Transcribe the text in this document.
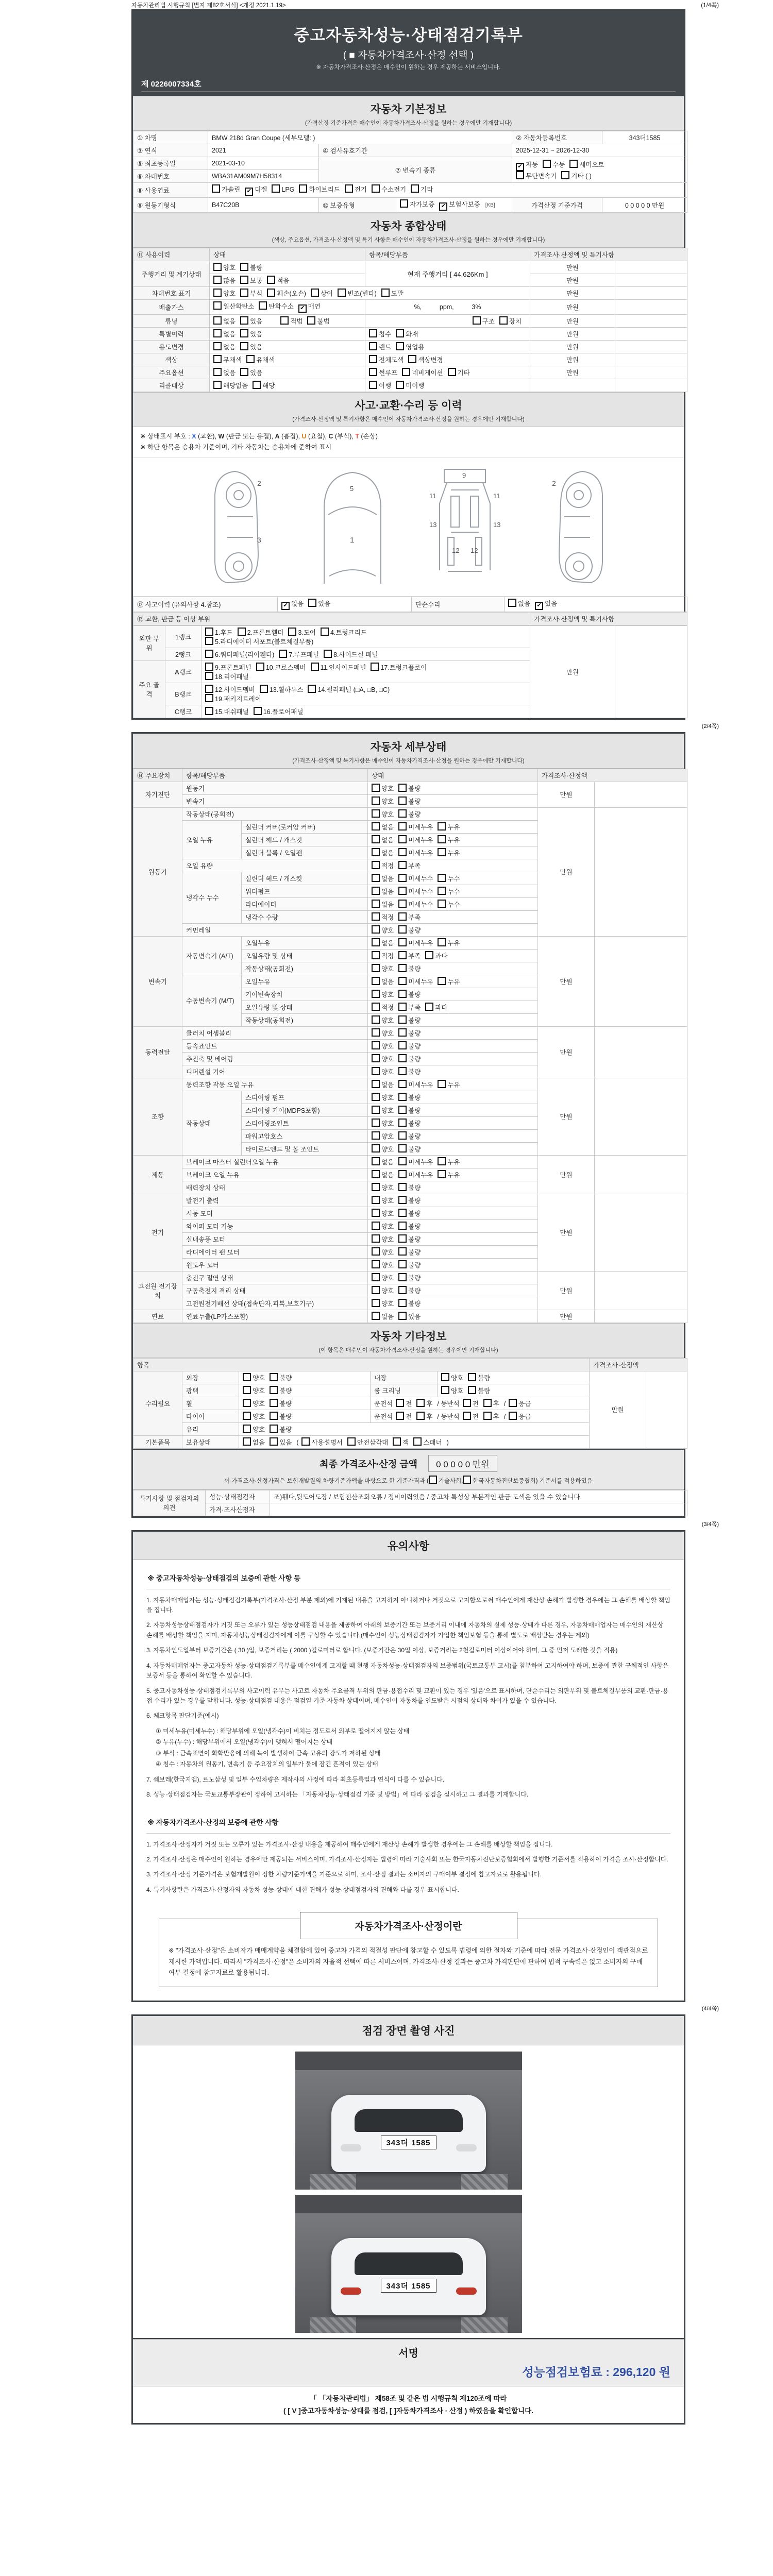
자동차관리법 시행규칙 [별지 제82호서식] <개정 2021.1.19>	(1/4쪽)
중고자동차성능·상태점검기록부
( ■ 자동차가격조사·산정 선택 )
※ 자동차가격조사·산정은 매수인이 원하는 경우 제공하는 서비스입니다.
제 0226007334호
자동차 기본정보
(가격산정 기준가격은 매수인이 자동차가격조사·산정을 원하는 경우에만 기재합니다)
① 차명	BMW 218d Gran Coupe (세부모델: )			② 자동차등록번호	343더1585
③ 연식	2021	④ 검사유효기간		2025-12-31 ~ 2026-12-30	
⑤ 최초등록일	2021-03-10	⑦ 변속기 종류	✔자동 수동 세미오토
무단변속기 기타 ( )
⑥ 차대번호	WBA31AM09M7H58314				
⑧ 사용연료	가솔린 ✔ 디젤 LPG 하이브리드 전기 수소전기 기타
⑨ 원동기형식	B47C20B	⑩ 보증유형	자가보증 ✔ 보험사보증 [KB]	가격산정 기준가격	0 0 0 0 0 만원
자동차 종합상태
(색상, 주요옵션, 가격조사·산정액 및 특기 사항은 매수인이 자동차가격조사·산정을 원하는 경우에만 기재합니다)
⑪ 사용이력	상태	항목/해당부품	가격조사·산정액 및 특기사항	
주행거리 및 계기상태	양호 불량	현재 주행거리 [ 44,626Km ]	만원	
	많음 보통 적음		만원	
차대번호 표기	양호 부식 훼손(오손) 상이 변조(변타) 도말		만원	
배출가스	일산화탄소 탄화수소 ✔ 매연	%,          ppm,          3%	만원	
튜닝	없음 있음 적법 불법	구조 장치	만원	
특별이력	없음 있음	침수 화재	만원	
용도변경	없음 있음	렌트 영업용	만원	
색상	무채색 유채색	전체도색 색상변경	만원	
주요옵션	없음 있음	썬루프 네비게이션 기타	만원	
리콜대상	해당없음 해당	이행 미이행		
사고·교환·수리 등 이력
(가격조사·산정액 및 특기사항은 매수인이 자동차가격조사·산정을 원하는 경우에만 기재합니다)
※ 상태표시 부호 : X (교환), W (판금 또는 용접), A (흠집), U (요철), C (부식), T (손상)
※ 하단 항목은 승용차 기준이며, 기타 자동차는 승용차에 준하여 표시
2
3	1
5
11	11
13	13
12 12
9
2
⑫ 사고이력 (유의사항 4.참조)	✔없음 있음	단순수리	없음 ✔ 있음
⑬ 교환, 판금 등 이상 부위	가격조사·산정액 및 특기사항
외판 부위	1랭크	1.후드 2.프론트휀더 3.도어 4.트렁크리드
5.라디에이터 서포트(볼트체결부품)	만원	
	2랭크	6.쿼터패널(리어휀다) 7.루프패널 8.사이드실 패널		
주요 골격	A랭크	9.프론트패널 10.크로스멤버 11.인사이드패널 17.트렁크플로어
18.리어패널		
	B랭크	12.사이드멤버 13.휠하우스 14.필러패널 (□A, □B, □C)
19.패키지트레이		
	C랭크	15.대쉬패널 16.플로어패널		
(2/4쪽)
자동차 세부상태
(가격조사·산정액 및 특기사항은 매수인이 자동차가격조사·산정을 원하는 경우에만 기재합니다)
⑭ 주요장치	항목/해당부품		상태	가격조사·산정액	
자기진단	원동기		양호 불량	만원	
	변속기		양호 불량		
원동기	작동상태(공회전)		양호 불량	만원	
	오일 누유	실린더 커버(로커암 커버)	없음 미세누유 누유		
		실린더 헤드 / 개스킷	없음 미세누유 누유		
		실린더 블록 / 오일팬	없음 미세누유 누유		
	오일 유량		적정 부족		
	냉각수 누수	실린더 헤드 / 개스킷	없음 미세누수 누수		
		워터펌프	없음 미세누수 누수		
		라디에이터	없음 미세누수 누수		
		냉각수 수량	적정 부족		
	커먼레일		양호 불량		
변속기	자동변속기 (A/T)	오일누유	없음 미세누유 누유	만원	
		오일유량 및 상태	적정 부족 과다		
		작동상태(공회전)	양호 불량		
	수동변속기 (M/T)	오일누유	없음 미세누유 누유		
		기어변속장치	양호 불량		
		오일유량 및 상태	적정 부족 과다		
		작동상태(공회전)	양호 불량		
동력전달	클러치 어셈블리		양호 불량	만원	
	등속죠인트		양호 불량		
	추진축 및 베어링		양호 불량		
	디퍼렌설 기어		양호 불량		
조향	동력조향 작동 오일 누유		없음 미세누유 누유	만원	
	작동상태	스티어링 펌프	양호 불량		
		스티어링 기어(MDPS포함)	양호 불량		
		스티어링조인트	양호 불량		
		파워고압호스	양호 불량		
		타이로드엔드 및 볼 조인트	양호 불량		
제동	브레이크 마스터 실린더오일 누유		없음 미세누유 누유	만원	
	브레이크 오일 누유		없음 미세누유 누유		
	배력장치 상태		양호 불량		
전기	발전기 출력		양호 불량	만원	
	시동 모터		양호 불량		
	와이퍼 모터 기능		양호 불량		
	실내송풍 모터		양호 불량		
	라디에이터 팬 모터		양호 불량		
	윈도우 모터		양호 불량		
고전원 전기장치	충전구 절연 상태		양호 불량	만원	
	구동축전지 격리 상태		양호 불량		
	고전원전기배선 상태(접속단자,피복,보호기구)		양호 불량		
연료	연료누출(LP가스포함)		없음 있음	만원	
자동차 기타정보
(이 항목은 매수인이 자동차가격조사·산정을 원하는 경우에만 기재합니다)
항목					가격조사·산정액	
수리필요	외장	양호 불량	내장	양호 불량	만원	
	광택	양호 불량	룸 크리닝	양호 불량		
	휠	양호 불량	운전석 전 후 / 동반석 전 후 / 응급			
	타이어	양호 불량	운전석 전 후 / 동반석 전 후 / 응급			
	유리	양호 불량				
기본품목	보유상태	없음 있음 ( 사용설명서 안전삼각대 잭 스패너 )				
최종 가격조사·산정 금액 0 0 0 0 0 만원
이 가격조사·산정가격은 보험개발원의 차량기준가액을 바탕으로 한 기준가격과 ( 기술사회, 한국자동차진단보증협회) 기준서를 적용하였음
특기사항 및 점검자의 의견	성능·상태점검자	조)휀다,뒷도어도장 / 보험전산조회오류 / 정비이력있음 / 중고차 특성상 부분적인 판금 도색은 있을 수 있습니다.
	가격·조사산정자	
(3/4쪽)
유의사항
※ 중고자동차성능·상태점검의 보증에 관한 사항 등

1. 자동차매매업자는 성능·상태점검기록부(가격조사·산정 부분 제외)에 기재된 내용을 고지하지 아니하거나 거짓으로 고지함으로써 매수인에게 재산상 손해가 발생한 경우에는 그 손해를 배상할 책임을 집니다.

2. 자동차성능상태점검자가 거짓 또는 오류가 있는 성능상태점검 내용을 제공하여 아래의 보증기간 또는 보증거리 이내에 자동차의 실제 성능·상태가 다른 경우, 자동차매매업자는 매수인의 재산상 손해를 배상할 책임을 지며, 자동차성능상태점검자에게 이를 구상할 수 있습니다.(매수인이 성능상태점검자가 가입한 책임보험 등을 통해 별도로 배상받는 경우는 제외)

3. 자동차인도일부터 보증기간은 ( 30 )일, 보증거리는 ( 2000 )킬로미터로 합니다. (보증기간은 30일 이상, 보증거리는 2천킬로미터 이상이어야 하며, 그 중 먼저 도래한 것을 적용)

4. 자동차매매업자는 중고자동차 성능·상태점검기록부를 매수인에게 고지할 때 현행 자동차성능·상태점검자의 보증범위(국토교통부 고시)를 첨부하여 고지하여야 하며, 보증에 관한 구체적인 사항은 보증서 등을 통하여 확인할 수 있습니다.

5. 중고자동차성능·상태점검기록부의 사고이력 유무는 사고로 자동차 주요골격 부위의 판금·용접수리 및 교환이 있는 경우 '있음'으로 표시하며, 단순수리는 외판부위 및 볼트체결부품의 교환·판금·용접 수리가 있는 경우를 말합니다. 성능·상태점검 내용은 점검일 기준 자동차 상태이며, 매수인이 자동차를 인도받은 시점의 상태와 차이가 있을 수 있습니다.

6. 체크항목 판단기준(예시)

① 미세누유(미세누수) : 해당부위에 오일(냉각수)이 비치는 정도로서 외부로 떨어지지 않는 상태

② 누유(누수) : 해당부위에서 오일(냉각수)이 맺혀서 떨어지는 상태

③ 부식 : 금속표면이 화학반응에 의해 녹이 발생하여 금속 고유의 강도가 저하된 상태

④ 침수 : 자동차의 원동기, 변속기 등 주요장치의 일부가 물에 잠긴 흔적이 있는 상태

7. 쉐보레(한국지엠), 르노삼성 및 일부 수입차량은 제작사의 사정에 따라 최초등록일과 연식이 다를 수 있습니다.

8. 성능·상태점검자는 국토교통부장관이 정하여 고시하는 「자동차성능·상태점검 기준 및 방법」에 따라 점검을 실시하고 그 결과를 기재합니다.

※ 자동차가격조사·산정의 보증에 관한 사항

1. 가격조사·산정자가 거짓 또는 오류가 있는 가격조사·산정 내용을 제공하여 매수인에게 재산상 손해가 발생한 경우에는 그 손해를 배상할 책임을 집니다.

2. 가격조사·산정은 매수인이 원하는 경우에만 제공되는 서비스이며, 가격조사·산정자는 법령에 따라 기술사회 또는 한국자동차진단보증협회에서 발행한 기준서를 적용하여 가격을 조사·산정합니다.

3. 가격조사·산정 기준가격은 보험개발원이 정한 차량기준가액을 기준으로 하며, 조사·산정 결과는 소비자의 구매여부 결정에 참고자료로 활용됩니다.

4. 특기사항란은 가격조사·산정자의 자동차 성능·상태에 대한 견해가 성능·상태점검자의 견해와 다를 경우 표시합니다.

자동차가격조사·산정이란
※ "가격조사·산정"은 소비자가 매매계약을 체결함에 있어 중고차 가격의 적절성 판단에 참고할 수 있도록 법령에 의한 절차와 기준에 따라 전문 가격조사·산정인이 객관적으로 제시한 가액입니다. 따라서 "가격조사·산정"은 소비자의 자율적 선택에 따른 서비스이며, 가격조사·산정 결과는 중고차 가격판단에 관하여 법적 구속력은 없고 소비자의 구매여부 결정에 참고자료로 활용됩니다.
(4/4쪽)
점검 장면 촬영 사진
343더 1585
343더 1585
서명
성능점검보험료 : 296,120 원
「 「자동차관리법」 제58조 및 같은 법 시행규칙 제120조에 따라
( [ V ]중고자동차성능·상태를 점검, [ ]자동차가격조사 · 산정 ) 하였음을 확인합니다.
